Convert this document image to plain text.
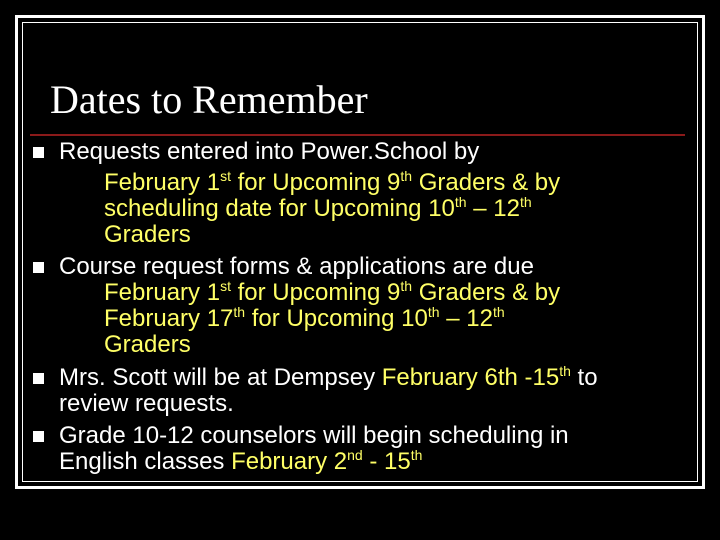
Dates to Remember
Requests entered into Power.School by
February 1st for Upcoming 9th Graders & by
scheduling date for Upcoming 10th – 12th
Graders
Course request forms & applications are due
February 1st for Upcoming 9th Graders & by
February 17th for Upcoming 10th – 12th
Graders
Mrs. Scott will be at Dempsey February 6th -15th to
review requests.
Grade 10-12 counselors will begin scheduling in
English classes February 2nd - 15th
